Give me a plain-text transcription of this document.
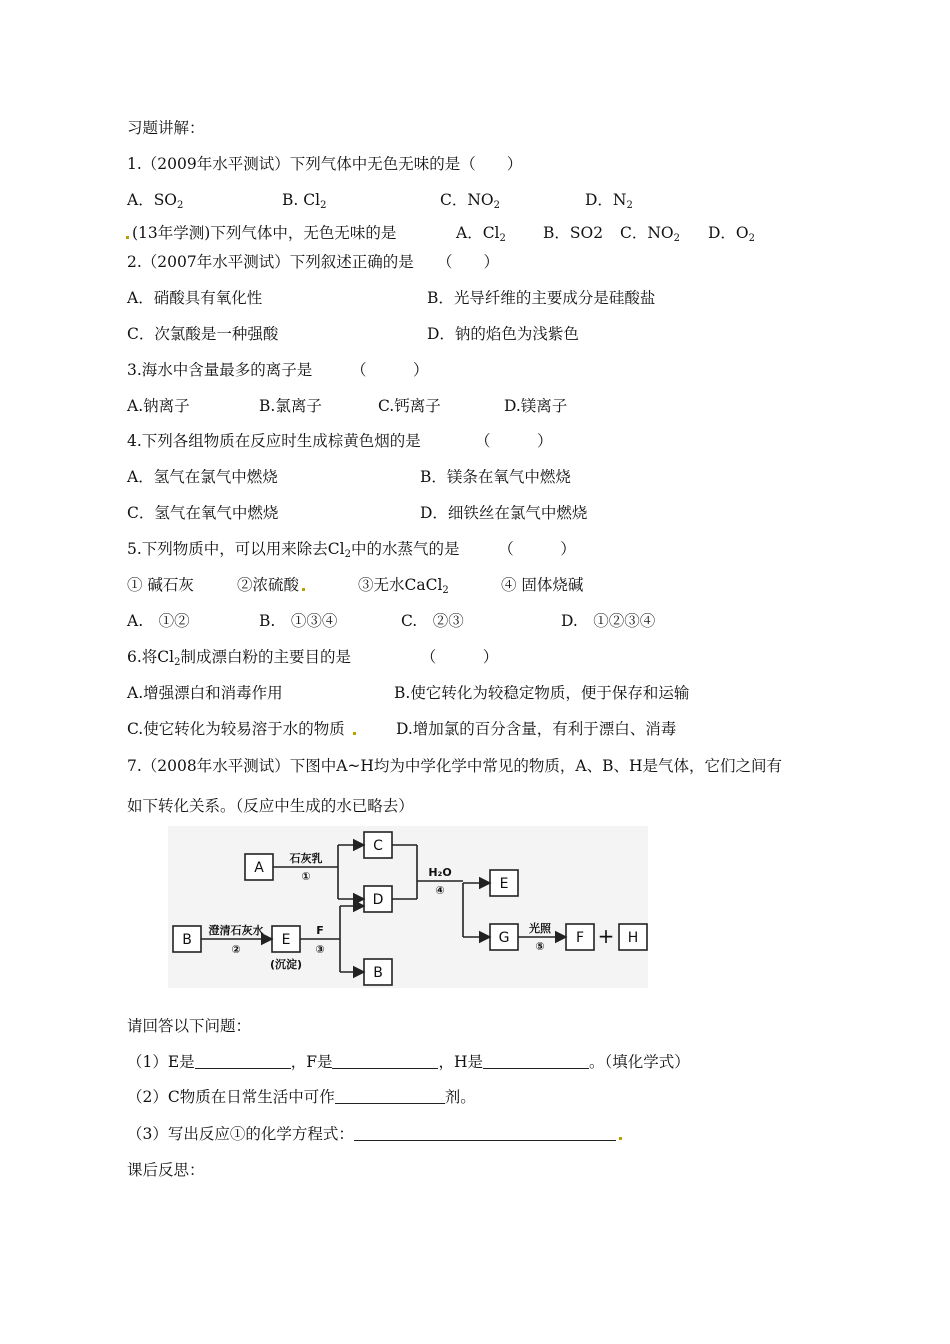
习题讲解：
1.（2009年水平测试）下列气体中无色无味的是（　　）
A．$SO_2$	B. $Cl_2$	C．$NO_2$	D．$N_2$
(13年学测)下列气体中，无色无味的是	A．$Cl_2$ B．SO2 C．$NO_2$ D．$O_2$
2.（2007年水平测试）下列叙述正确的是　　（　　）
A．硝酸具有氧化性	B．光导纤维的主要成分是硅酸盐
C．次氯酸是一种强酸	D．钠的焰色为浅紫色
3.海水中含量最多的离子是　　　（　　　）
A.钠离子	B.氯离子	C.钙离子	D.镁离子
4.下列各组物质在反应时生成棕黄色烟的是　　　　（　　　）
A．氢气在氯气中燃烧	B．镁条在氧气中燃烧
C．氢气在氧气中燃烧	D．细铁丝在氯气中燃烧
5.下列物质中，可以用来除去$Cl_2$中的水蒸气的是　　　（　　　）
① 碱石灰	②浓硫酸	③无水CaCl$_2$	④ 固体烧碱
A.　①②	B.　①③④	C.　②③	D.　①②③④
6.将$Cl_2$制成漂白粉的主要目的是　　　　　（　　　）
A.增强漂白和消毒作用	B.使它转化为较稳定物质，便于保存和运输
C.使它转化为较易溶于水的物质	D.增加氯的百分含量，有利于漂白、消毒
7.（2008年水平测试）下图中A~H均为中学化学中常见的物质，A、B、H是气体，它们之间有
如下转化关系。（反应中生成的水已略去）
A
C
D
B	E
B
E
G	F	H
+
石灰乳
①
澄清石灰水
②
F
③
H₂O
④
光照
⑤
(沉淀)
请回答以下问题：
（1）E是	，F是	，H是	。（填化学式）
（2）C物质在日常生活中可作	剂。
（3）写出反应①的化学方程式：
课后反思：
